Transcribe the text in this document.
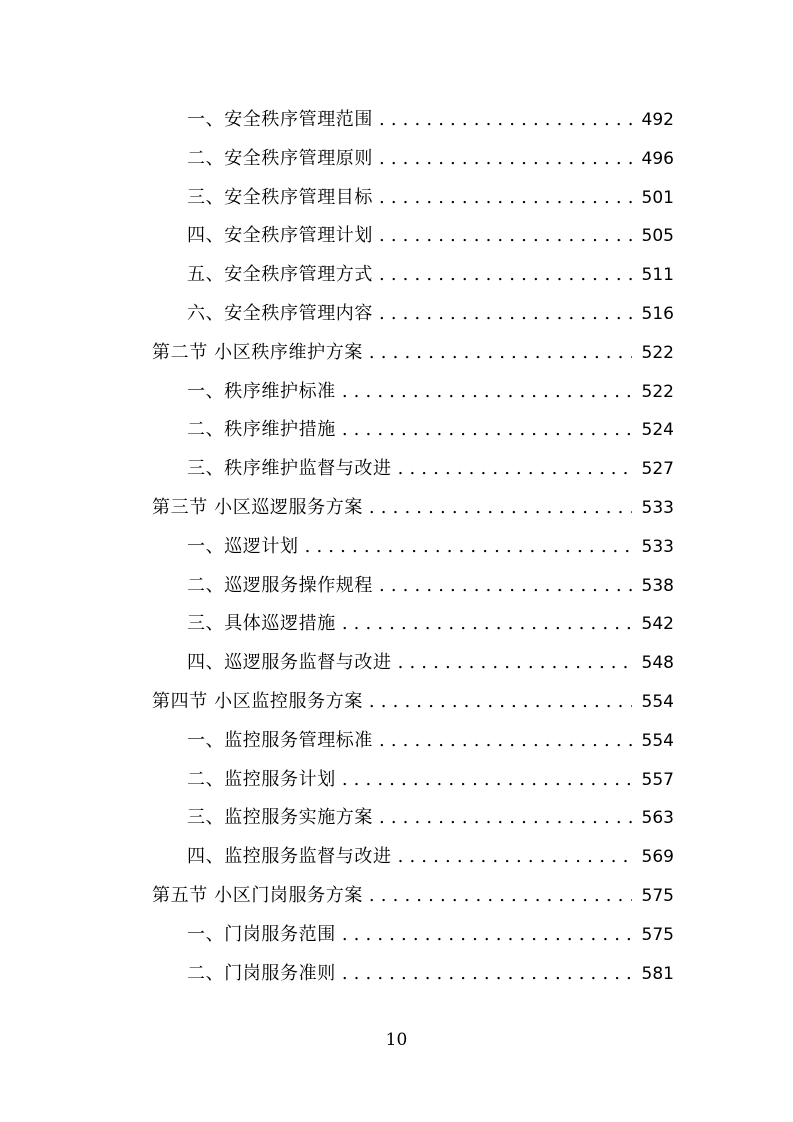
一、安全秩序管理范围 . . .	492
二、安全秩序管理原则 . . .	496
三、安全秩序管理目标 . . .	501
四、安全秩序管理计划 . . .	505
五、安全秩序管理方式 . . .	511
六、安全秩序管理内容 . . .	516
第二节 小区秩序维护方案 . . .	522
一、秩序维护标准 . . .	522
二、秩序维护措施 . . .	524
三、秩序维护监督与改进 . . .	527
第三节 小区巡逻服务方案 . . .	533
一、巡逻计划 . . .	533
二、巡逻服务操作规程 . . .	538
三、具体巡逻措施 . . .	542
四、巡逻服务监督与改进 . . .	548
第四节 小区监控服务方案 . . .	554
一、监控服务管理标准 . . .	554
二、监控服务计划 . . .	557
三、监控服务实施方案 . . .	563
四、监控服务监督与改进 . . .	569
第五节 小区门岗服务方案 . . .	575
一、门岗服务范围 . . .	575
二、门岗服务准则 . . .	581
10
